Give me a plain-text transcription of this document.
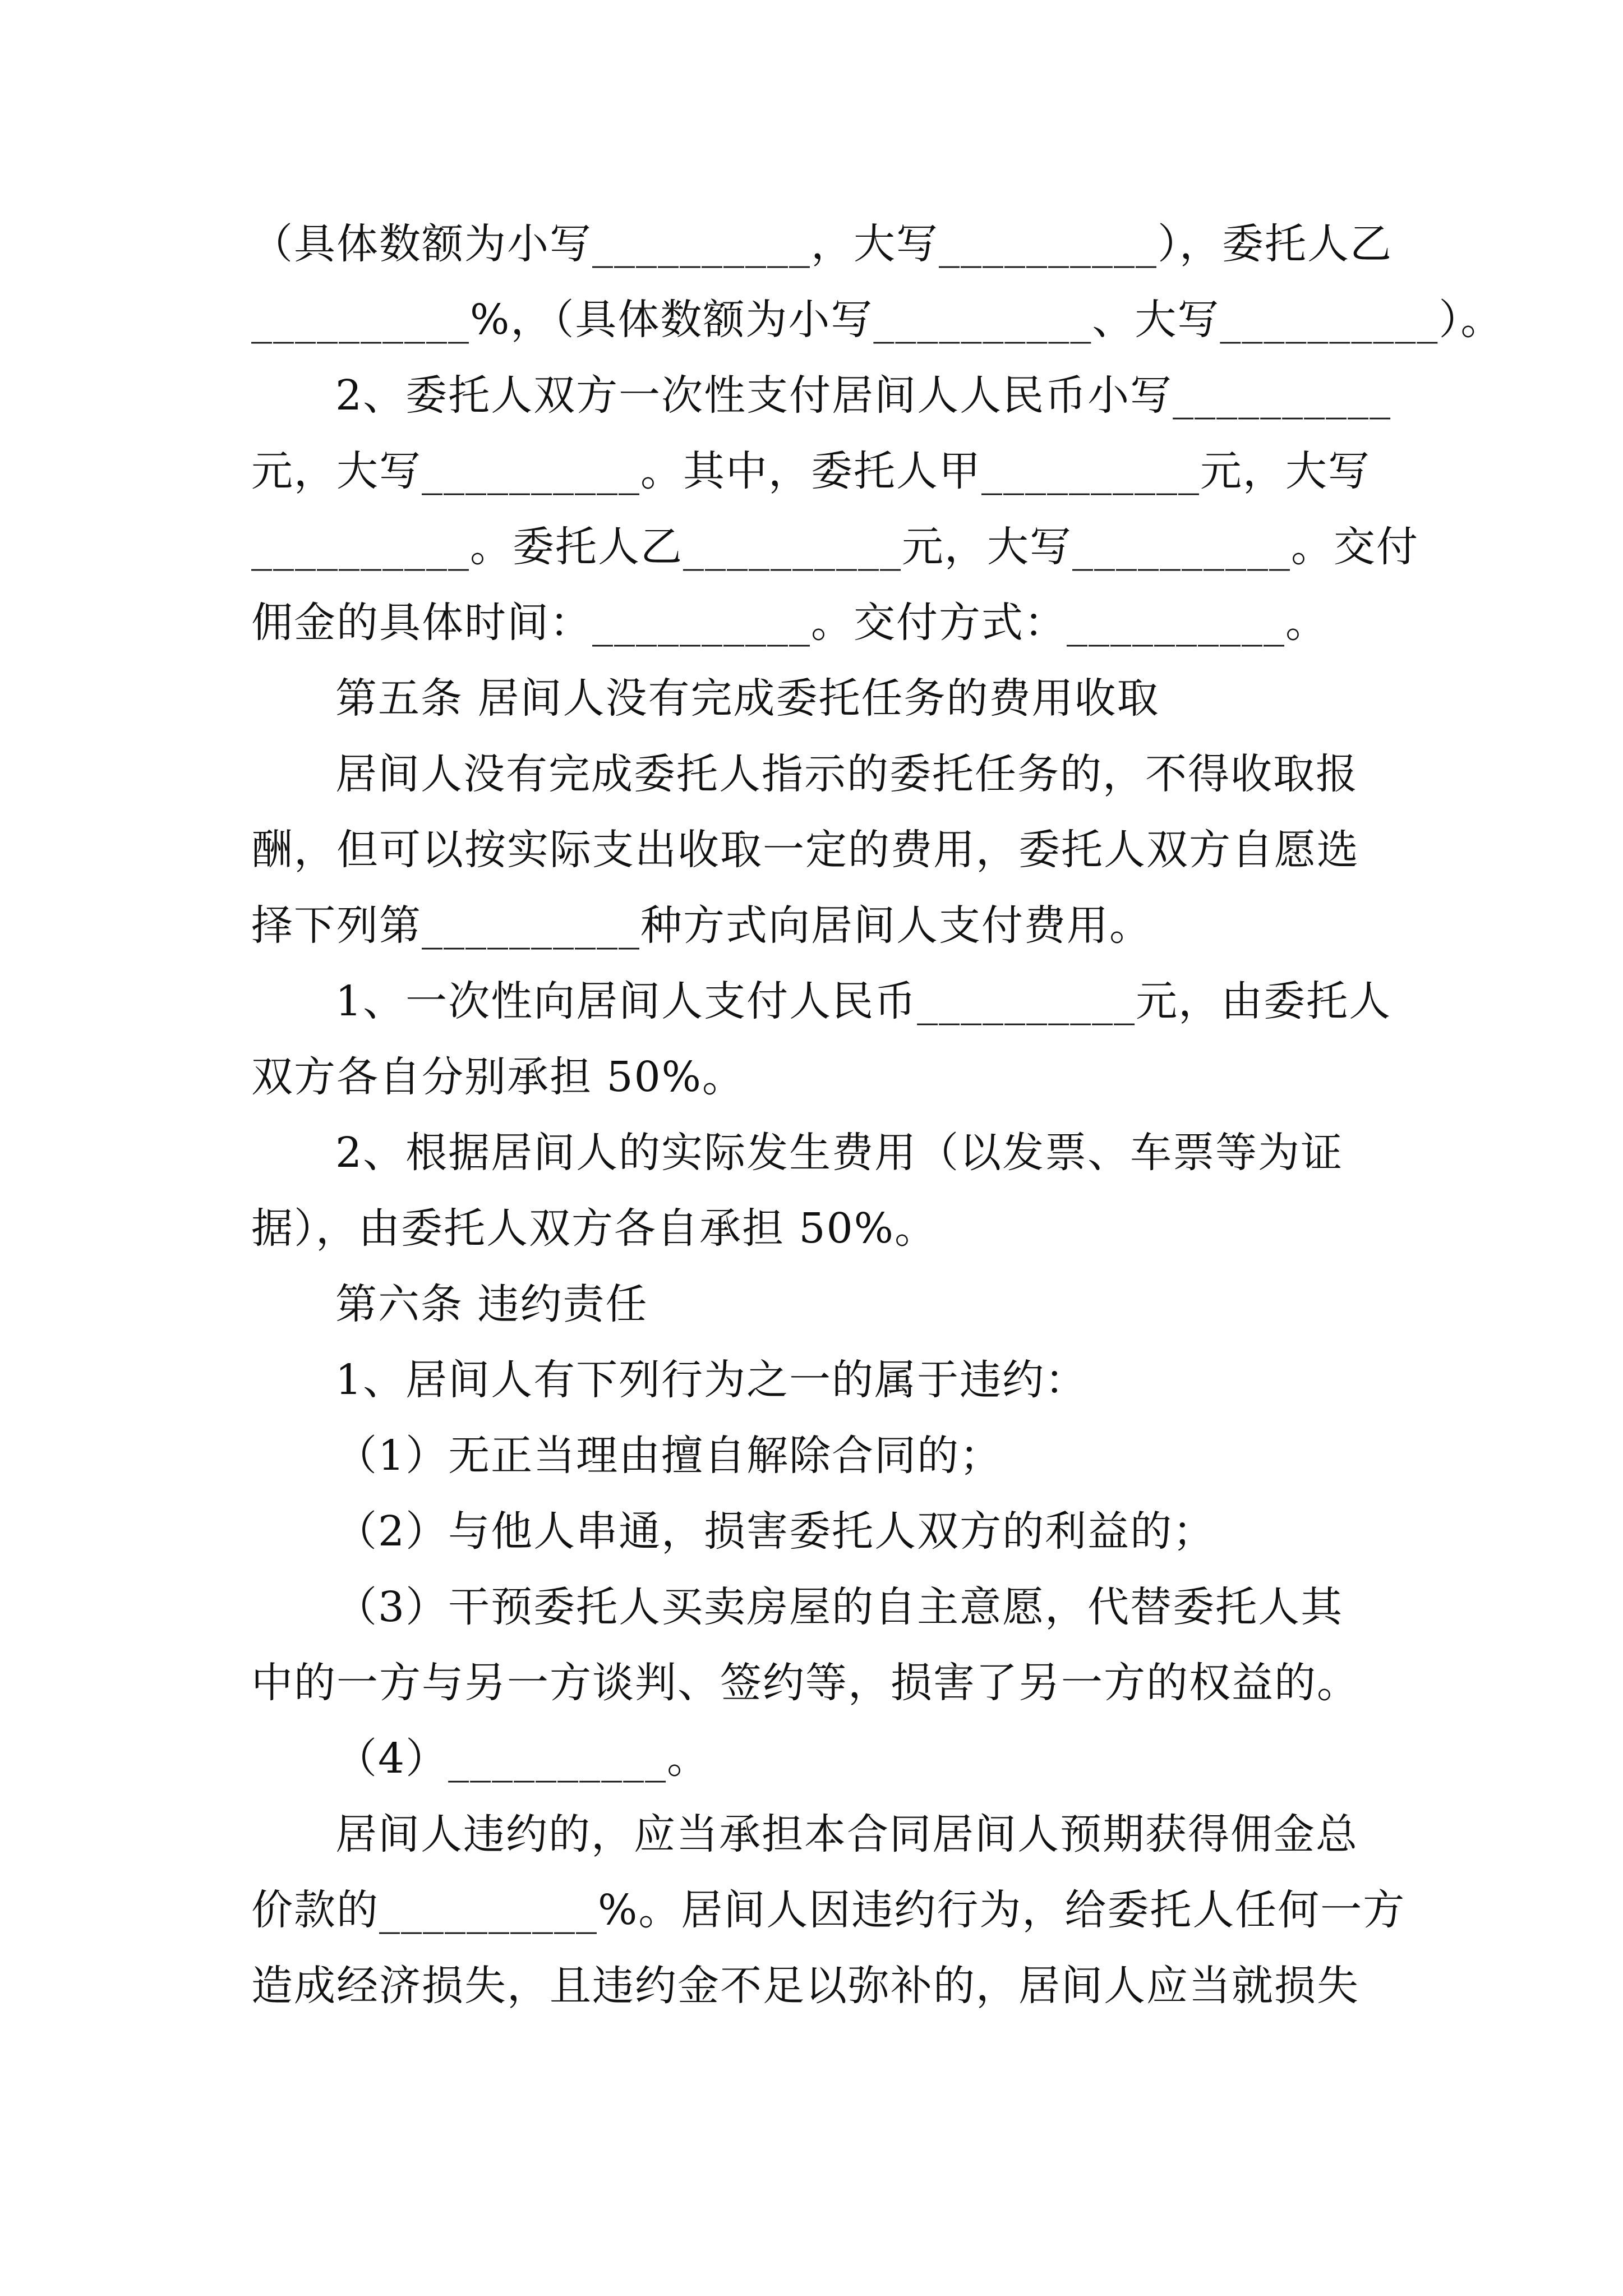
（具体数额为小写__________，大写__________），委托人乙
__________%，（具体数额为小写__________、大写__________）。
2、委托人双方一次性支付居间人人民币小写__________
元，大写__________。其中，委托人甲__________元，大写
__________。委托人乙__________元，大写__________。交付
佣金的具体时间：__________。交付方式：__________。
第五条 居间人没有完成委托任务的费用收取
居间人没有完成委托人指示的委托任务的，不得收取报
酬，但可以按实际支出收取一定的费用，委托人双方自愿选
择下列第__________种方式向居间人支付费用。
1、一次性向居间人支付人民币__________元，由委托人
双方各自分别承担 50%。
2、根据居间人的实际发生费用（以发票、车票等为证
据），由委托人双方各自承担 50%。
第六条 违约责任
1、居间人有下列行为之一的属于违约：
（1）无正当理由擅自解除合同的；
（2）与他人串通，损害委托人双方的利益的；
（3）干预委托人买卖房屋的自主意愿，代替委托人其
中的一方与另一方谈判、签约等，损害了另一方的权益的。
（4）__________。
居间人违约的，应当承担本合同居间人预期获得佣金总
价款的__________%。居间人因违约行为，给委托人任何一方
造成经济损失，且违约金不足以弥补的，居间人应当就损失
